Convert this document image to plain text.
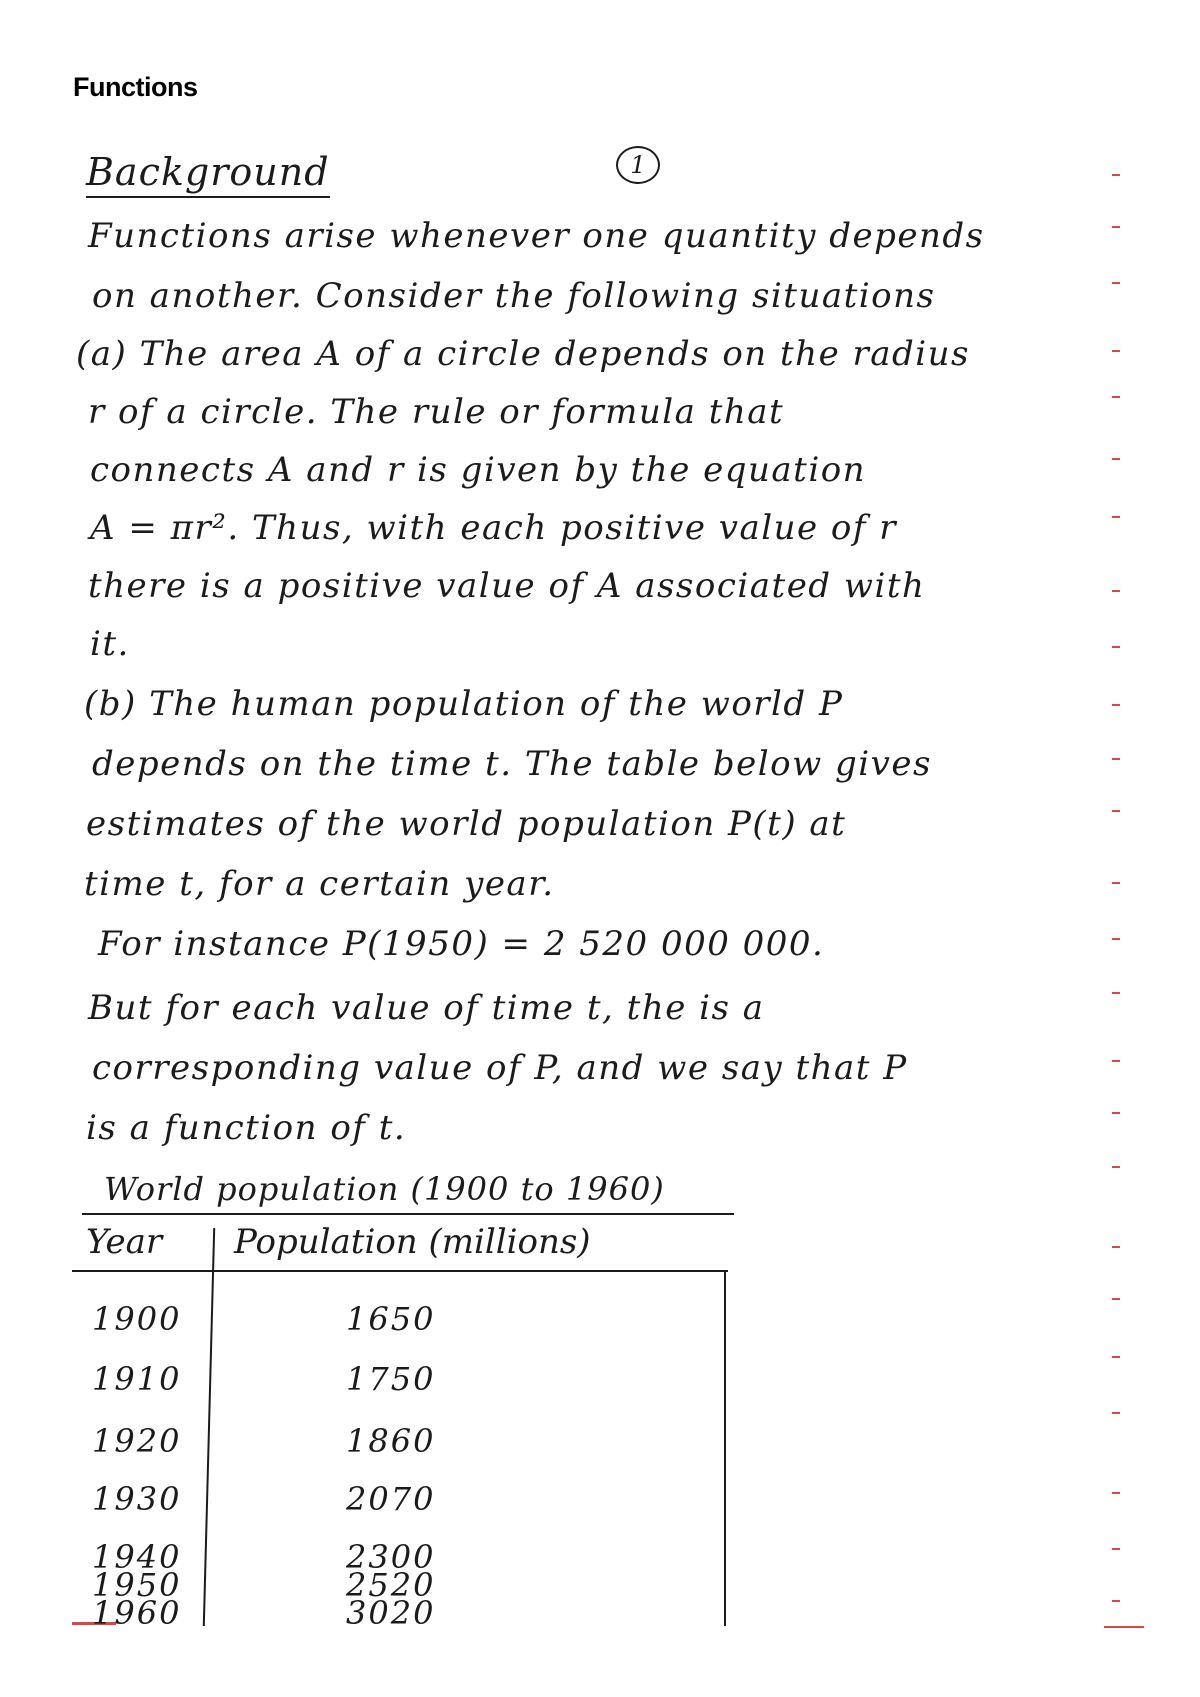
Functions
Background	1
Functions arise whenever one quantity depends
on another. Consider the following situations
(a) The area A of a circle depends on the radius
r of a circle. The rule or formula that
connects A and r is given by the equation
A = πr². Thus, with each positive value of r
there is a positive value of A associated with
it.
(b) The human population of the world P
depends on the time t. The table below gives
estimates of the world population P(t) at
time t, for a certain year.
For instance P(1950) = 2 520 000 000.
But for each value of time t, the is a
corresponding value of P, and we say that P
is a function of t.
World population (1900 to 1960)
Year Population (millions)
1900	1650
1910	1750
1920	1860
1930	2070
1940	2300
1950	2520
1960	3020
